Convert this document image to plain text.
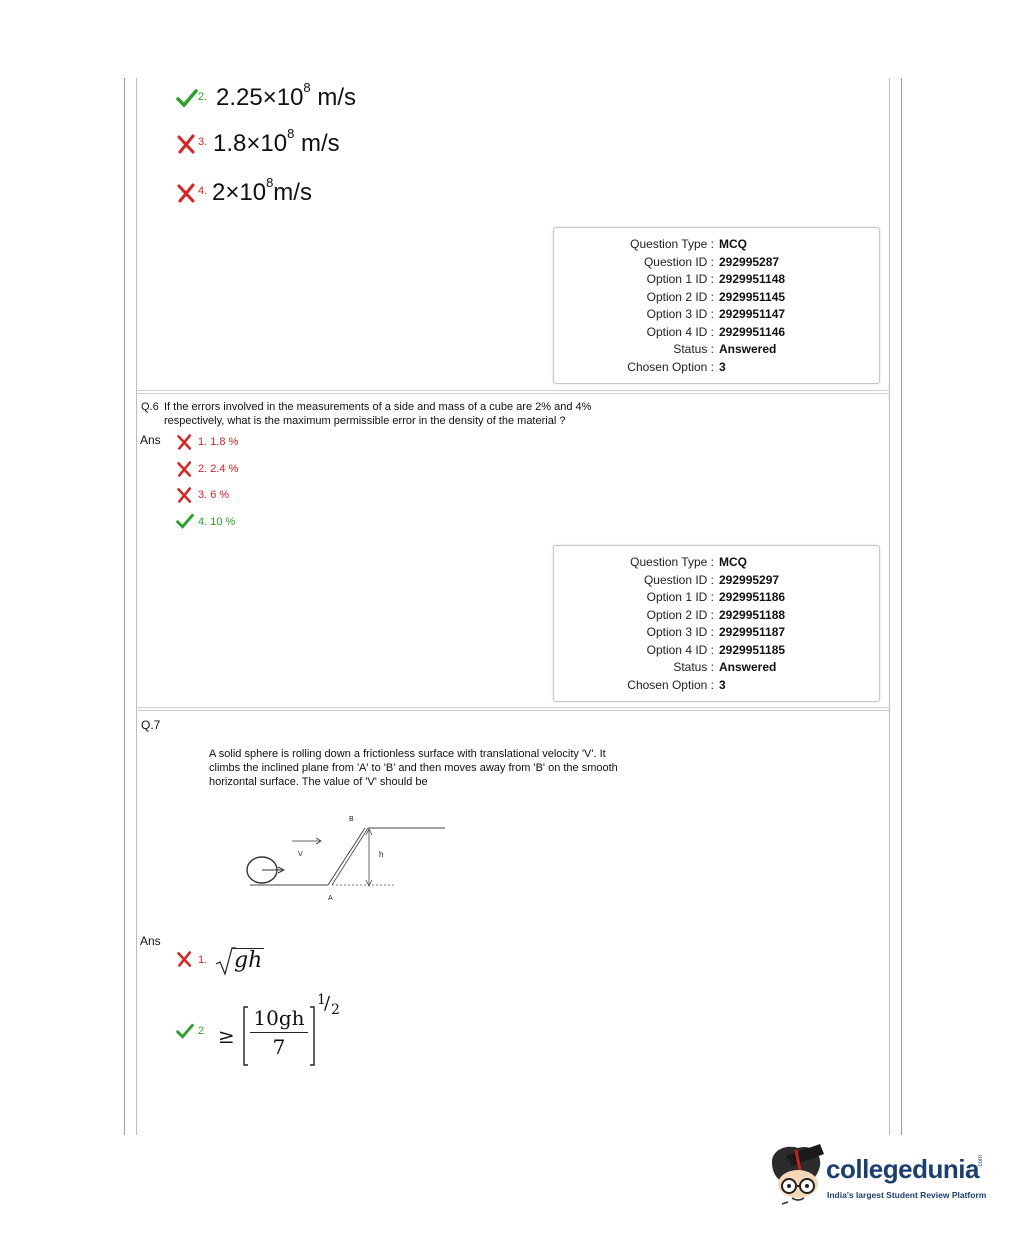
2. $2.25\times 10^8$ m/s
3. $1.8\times 10^8$ m/s
4. $2\times 10^8m/s$
Question Type : MCQ
Question ID : 292995287
Option 1 ID : 2929951148
Option 2 ID : 2929951145
Option 3 ID : 2929951147
Option 4 ID : 2929951146
Status : Answered
Chosen Option : 3
Q.6 If the errors involved in the measurements of a side and mass of a cube are 2% and 4%
respectively, what is the maximum permissible error in the density of the material ?
Ans	1. 1.8 %
2. 2.4 %
3. 6 %
4. 10 %
Question Type : MCQ
Question ID : 292995297
Option 1 ID : 2929951186
Option 2 ID : 2929951188
Option 3 ID : 2929951187
Option 4 ID : 2929951185
Status : Answered
Chosen Option : 3
Q.7
A solid sphere is rolling down a frictionless surface with translational velocity 'V'. It
climbs the inclined plane from 'A' to 'B' and then moves away from 'B' on the smooth
horizontal surface. The value of 'V' should be
B
V	h
A
Ans
1. gh
2 ≥
10gh
7
1
/ 2
collegedunia .com
India's largest Student Review Platform
